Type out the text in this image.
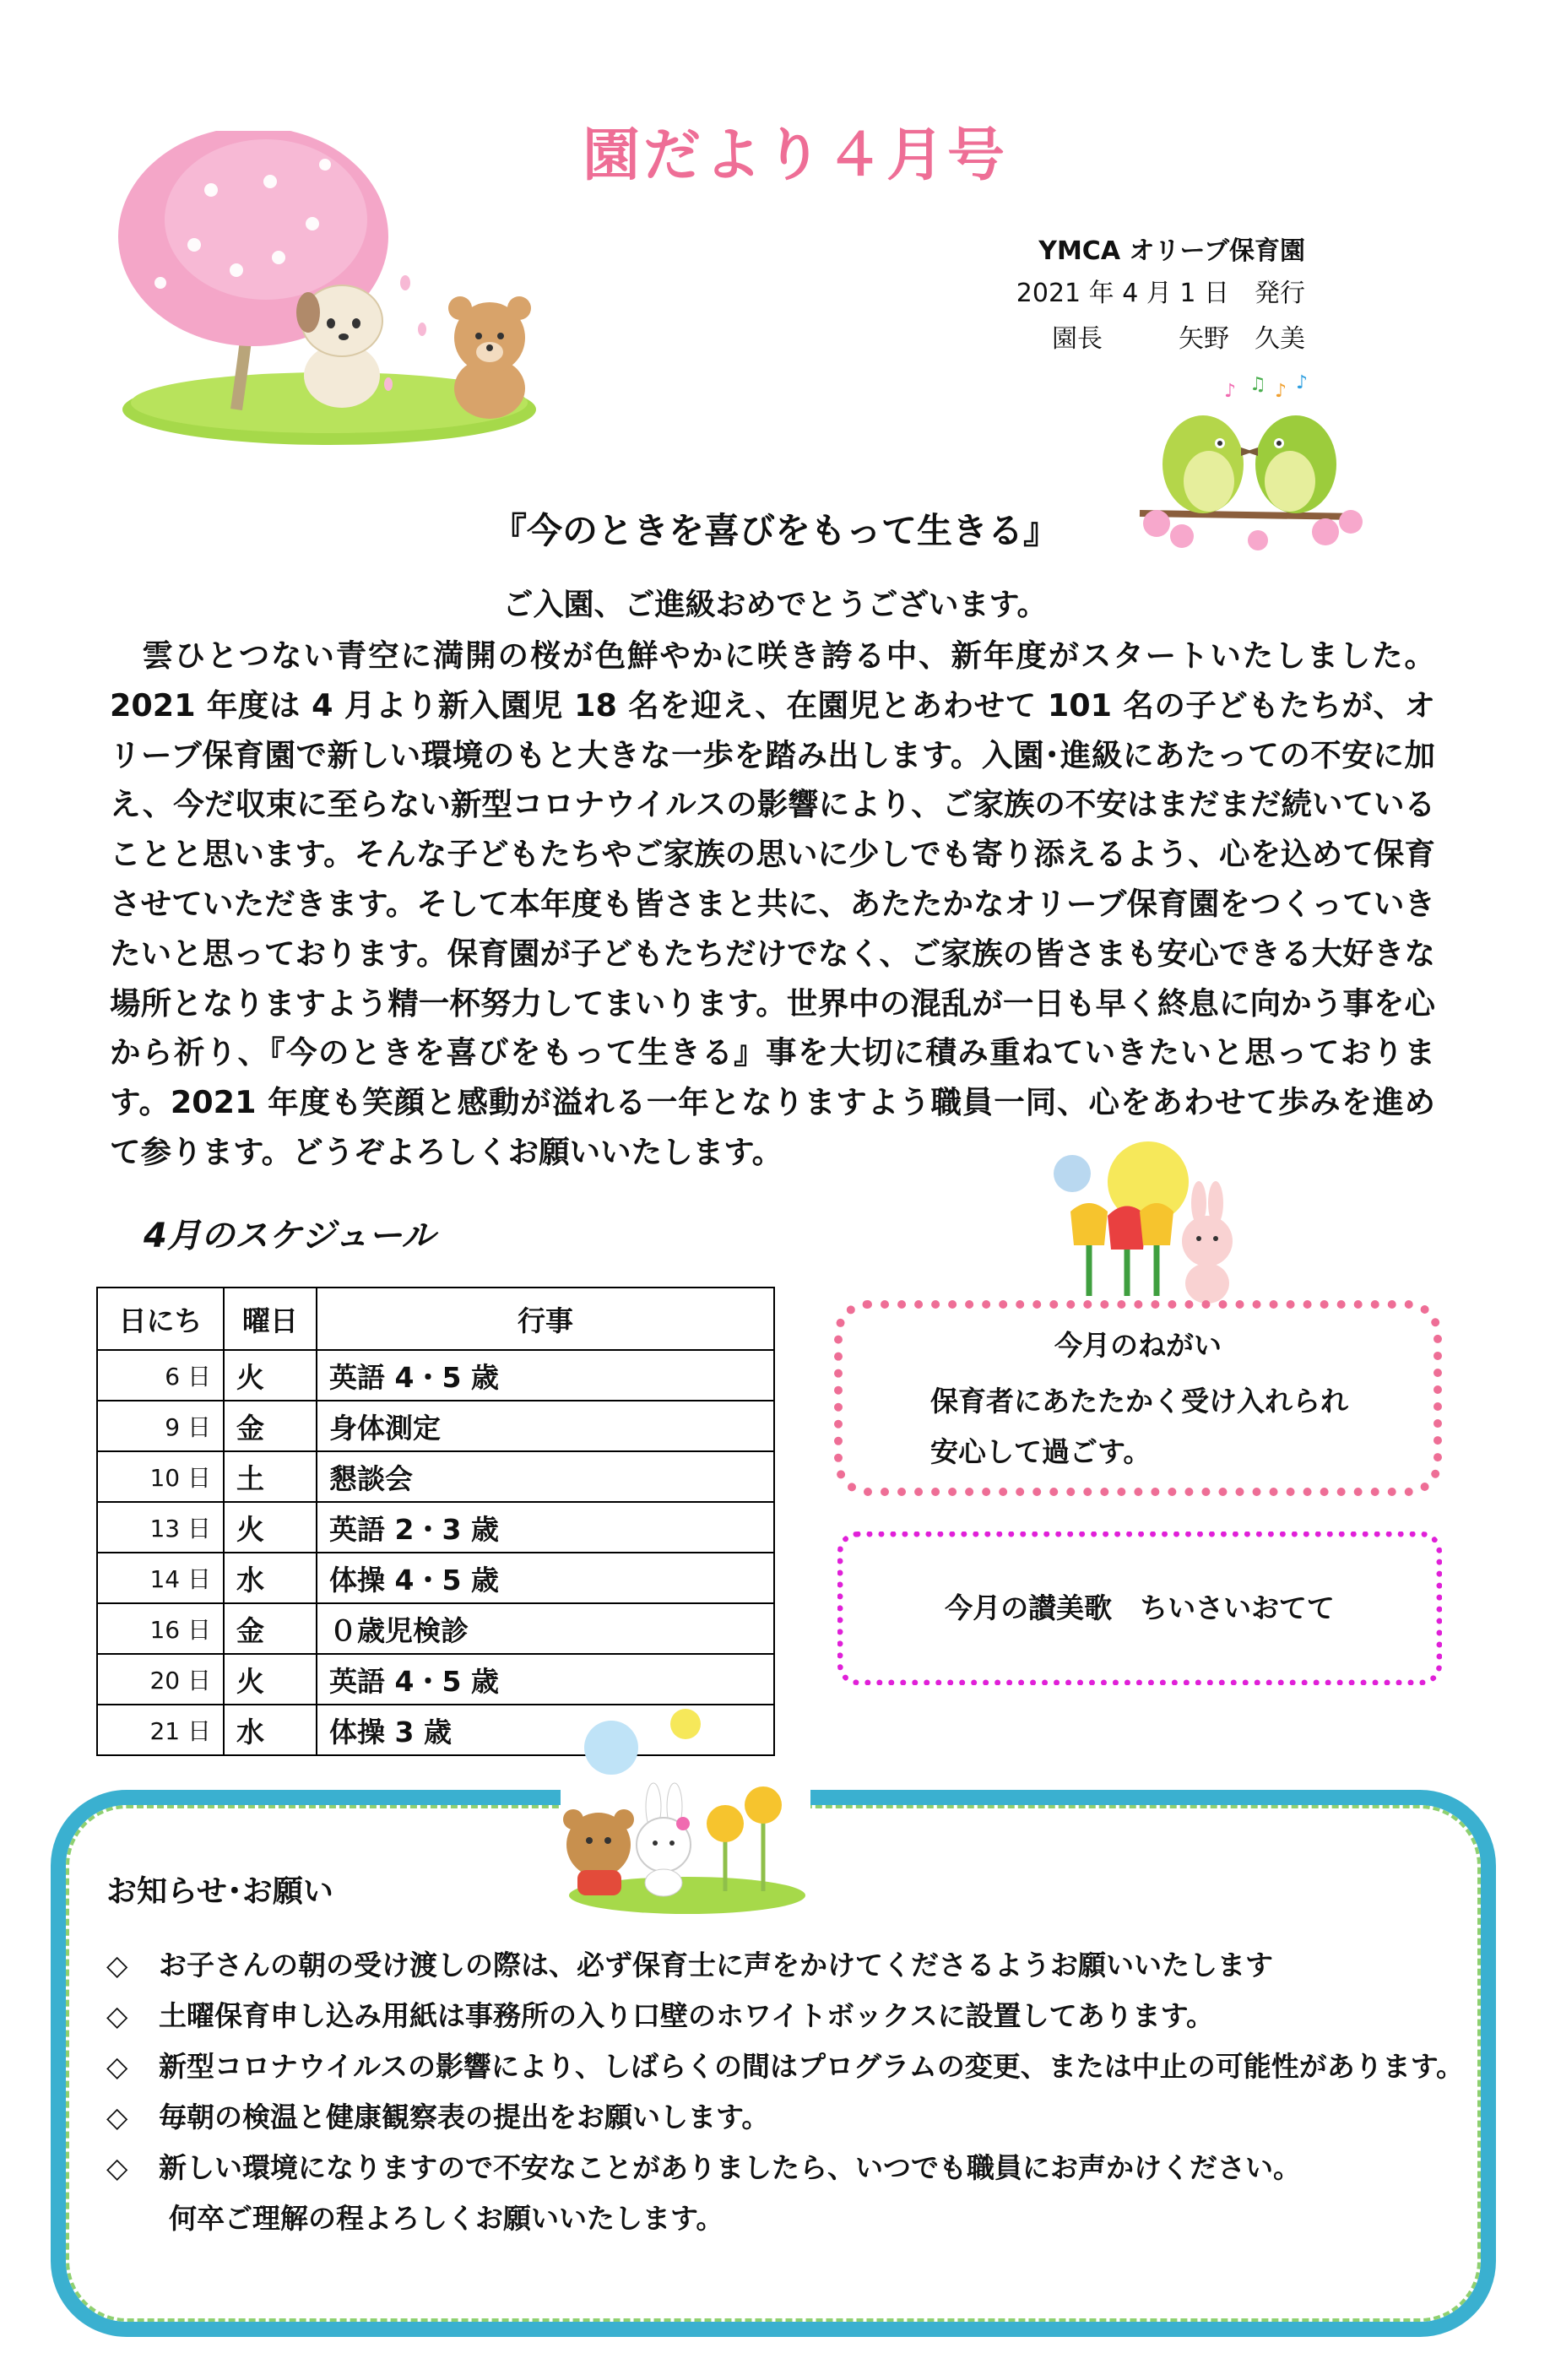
園だより４月号
YMCA オリーブ保育園
2021 年 4 月 1 日　発行
園長　　　矢野　久美
♪ ♫ ♪ ♪
『今のときを喜びをもって生きる』
ご入園、ご進級おめでとうございます。
　雲ひとつない青空に満開の桜が色鮮やかに咲き誇る中、新年度がスタートいたしました。2021 年度は 4 月より新入園児 18 名を迎え、在園児とあわせて 101 名の子どもたちが、オリーブ保育園で新しい環境のもと大きな一歩を踏み出します。入園･進級にあたっての不安に加え、今だ収束に至らない新型コロナウイルスの影響により、ご家族の不安はまだまだ続いていることと思います。そんな子どもたちやご家族の思いに少しでも寄り添えるよう、心を込めて保育させていただきます。そして本年度も皆さまと共に、あたたかなオリーブ保育園をつくっていきたいと思っております。保育園が子どもたちだけでなく、ご家族の皆さまも安心できる大好きな場所となりますよう精一杯努力してまいります。世界中の混乱が一日も早く終息に向かう事を心から祈り、『今のときを喜びをもって生きる』事を大切に積み重ねていきたいと思っております。2021 年度も笑顔と感動が溢れる一年となりますよう職員一同、心をあわせて歩みを進めて参ります。どうぞよろしくお願いいたします。
4月のスケジュール
日にち	曜日	行事
6 日	火	英語 4・5 歳
9 日	金	身体測定
10 日	土	懇談会
13 日	火	英語 2・3 歳
14 日	水	体操 4・5 歳
16 日	金	０歳児検診
20 日	火	英語 4・5 歳
21 日	水	体操 3 歳
今月のねがい
保育者にあたたかく受け入れられ
安心して過ごす。
今月の讃美歌　ちいさいおてて
お知らせ･お願い
◇ お子さんの朝の受け渡しの際は、必ず保育士に声をかけてくださるようお願いいたします
◇ 土曜保育申し込み用紙は事務所の入り口壁のホワイトボックスに設置してあります。
◇ 新型コロナウイルスの影響により、しばらくの間はプログラムの変更、または中止の可能性があります。
◇ 毎朝の検温と健康観察表の提出をお願いします。
◇ 新しい環境になりますので不安なことがありましたら、いつでも職員にお声かけください。
何卒ご理解の程よろしくお願いいたします。
